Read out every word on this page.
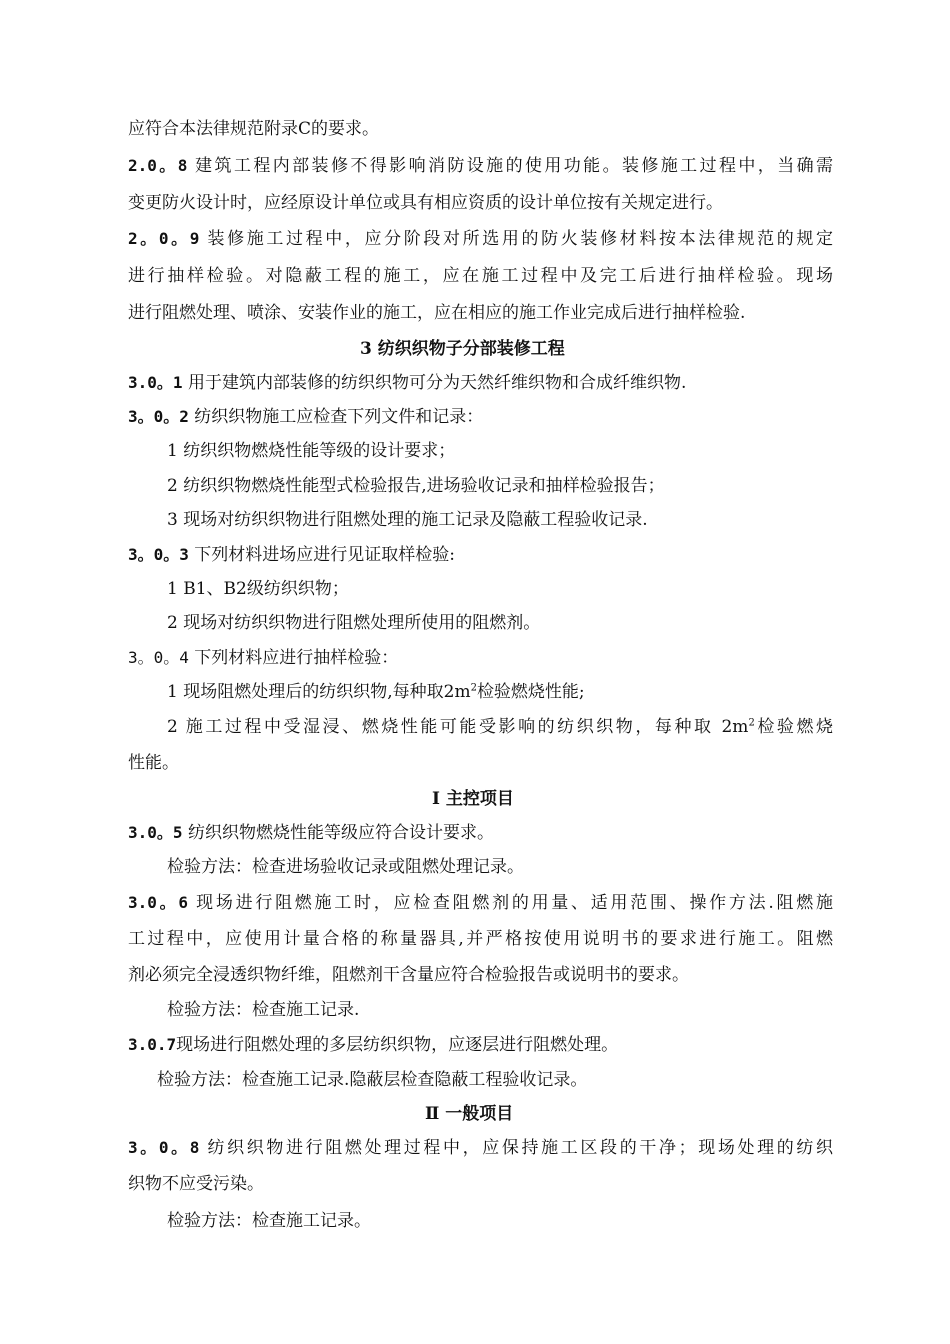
应符合本法律规范附录C的要求。
2.0。8 建筑工程内部装修不得影响消防设施的使用功能。装修施工过程中，当确需
变更防火设计时，应经原设计单位或具有相应资质的设计单位按有关规定进行。
2。0。9 装修施工过程中，应分阶段对所选用的防火装修材料按本法律规范的规定
进行抽样检验。对隐蔽工程的施工，应在施工过程中及完工后进行抽样检验。现场
进行阻燃处理、喷涂、安装作业的施工，应在相应的施工作业完成后进行抽样检验.
3 纺织织物子分部装修工程
3.0。1 用于建筑内部装修的纺织织物可分为天然纤维织物和合成纤维织物.
3。0。2 纺织织物施工应检查下列文件和记录：
1 纺织织物燃烧性能等级的设计要求；
2 纺织织物燃烧性能型式检验报告,进场验收记录和抽样检验报告；
3 现场对纺织织物进行阻燃处理的施工记录及隐蔽工程验收记录.
3。0。3 下列材料进场应进行见证取样检验:
1 B1、B2级纺织织物；
2 现场对纺织织物进行阻燃处理所使用的阻燃剂。
3。0。4 下列材料应进行抽样检验：
1 现场阻燃处理后的纺织织物,每种取$2m^2$检验燃烧性能;
2 施工过程中受湿浸、燃烧性能可能受影响的纺织织物，每种取 $2m^2$检验燃烧
性能。
Ⅰ 主控项目
3.0。5 纺织织物燃烧性能等级应符合设计要求。
检验方法：检查进场验收记录或阻燃处理记录。
3.0。6 现场进行阻燃施工时，应检查阻燃剂的用量、适用范围、操作方法.阻燃施
工过程中，应使用计量合格的称量器具,并严格按使用说明书的要求进行施工。阻燃
剂必须完全浸透织物纤维，阻燃剂干含量应符合检验报告或说明书的要求。
检验方法：检查施工记录.
3.0.7现场进行阻燃处理的多层纺织织物，应逐层进行阻燃处理。
检验方法：检查施工记录.隐蔽层检查隐蔽工程验收记录。
Ⅱ 一般项目
3。0。8 纺织织物进行阻燃处理过程中，应保持施工区段的干净；现场处理的纺织
织物不应受污染。
检验方法：检查施工记录。
